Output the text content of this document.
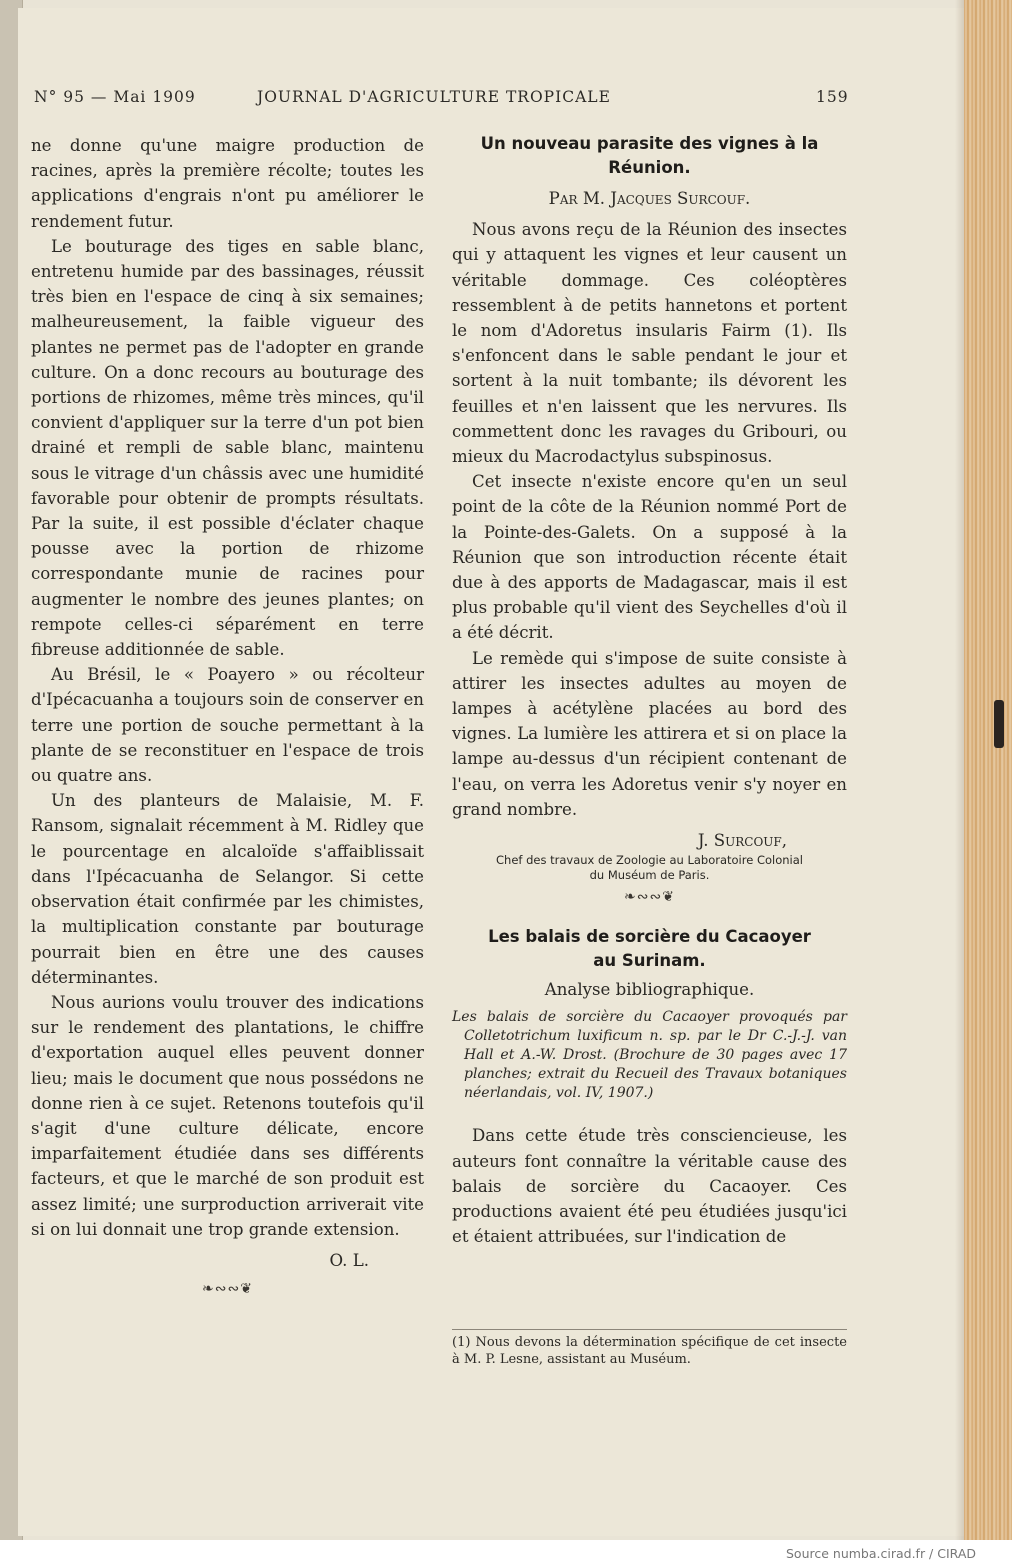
N° 95 — Mai 1909	JOURNAL D'AGRICULTURE TROPICALE	159

ne donne qu'une maigre production de racines, après la première récolte; toutes les applications d'engrais n'ont pu améliorer le rendement futur.

Le bouturage des tiges en sable blanc, entretenu humide par des bassinages, réussit très bien en l'espace de cinq à six semaines; malheureusement, la faible vigueur des plantes ne permet pas de l'adopter en grande culture. On a donc recours au bouturage des portions de rhizomes, même très minces, qu'il convient d'appliquer sur la terre d'un pot bien drainé et rempli de sable blanc, maintenu sous le vitrage d'un châssis avec une humidité favorable pour obtenir de prompts résultats. Par la suite, il est possible d'éclater chaque pousse avec la portion de rhizome correspondante munie de racines pour augmenter le nombre des jeunes plantes; on rempote celles-ci séparément en terre fibreuse additionnée de sable.

Au Brésil, le « Poayero » ou récolteur d'Ipécacuanha a toujours soin de conserver en terre une portion de souche permettant à la plante de se reconstituer en l'espace de trois ou quatre ans.

Un des planteurs de Malaisie, M. F. Ransom, signalait récemment à M. Ridley que le pourcentage en alcaloïde s'affaiblissait dans l'Ipécacuanha de Selangor. Si cette observation était confirmée par les chimistes, la multiplication constante par bouturage pourrait bien en être une des causes déterminantes.

Nous aurions voulu trouver des indications sur le rendement des plantations, le chiffre d'exportation auquel elles peuvent donner lieu; mais le document que nous possédons ne donne rien à ce sujet. Retenons toutefois qu'il s'agit d'une culture délicate, encore imparfaitement étudiée dans ses différents facteurs, et que le marché de son produit est assez limité; une surproduction arriverait vite si on lui donnait une trop grande extension.

O. L.

❧∾∾❦
Un nouveau parasite des vignes à la Réunion.

Par M. Jacques Surcouf.

Nous avons reçu de la Réunion des insectes qui y attaquent les vignes et leur causent un véritable dommage. Ces coléoptères ressemblent à de petits hannetons et portent le nom d'Adoretus insularis Fairm (1). Ils s'enfoncent dans le sable pendant le jour et sortent à la nuit tombante; ils dévorent les feuilles et n'en laissent que les nervures. Ils commettent donc les ravages du Gribouri, ou mieux du Macrodactylus subspinosus.

Cet insecte n'existe encore qu'en un seul point de la côte de la Réunion nommé Port de la Pointe-des-Galets. On a supposé à la Réunion que son introduction récente était due à des apports de Madagascar, mais il est plus probable qu'il vient des Seychelles d'où il a été décrit.

Le remède qui s'impose de suite consiste à attirer les insectes adultes au moyen de lampes à acétylène placées au bord des vignes. La lumière les attirera et si on place la lampe au-dessus d'un récipient contenant de l'eau, on verra les Adoretus venir s'y noyer en grand nombre.

J. Surcouf,

Chef des travaux de Zoologie au Laboratoire Colonial
du Muséum de Paris.
❧∾∾❦
Les balais de sorcière du Cacaoyer
au Surinam.

Analyse bibliographique.

Les balais de sorcière du Cacaoyer provoqués par Colletotrichum luxificum n. sp. par le Dr C.-J.-J. van Hall et A.-W. Drost. (Brochure de 30 pages avec 17 planches; extrait du Recueil des Travaux botaniques néerlandais, vol. IV, 1907.)

Dans cette étude très consciencieuse, les auteurs font connaître la véritable cause des balais de sorcière du Cacaoyer. Ces productions avaient été peu étudiées jusqu'ici et étaient attribuées, sur l'indication de

(1) Nous devons la détermination spécifique de cet insecte à M. P. Lesne, assistant au Muséum.

Source numba.cirad.fr / CIRAD
